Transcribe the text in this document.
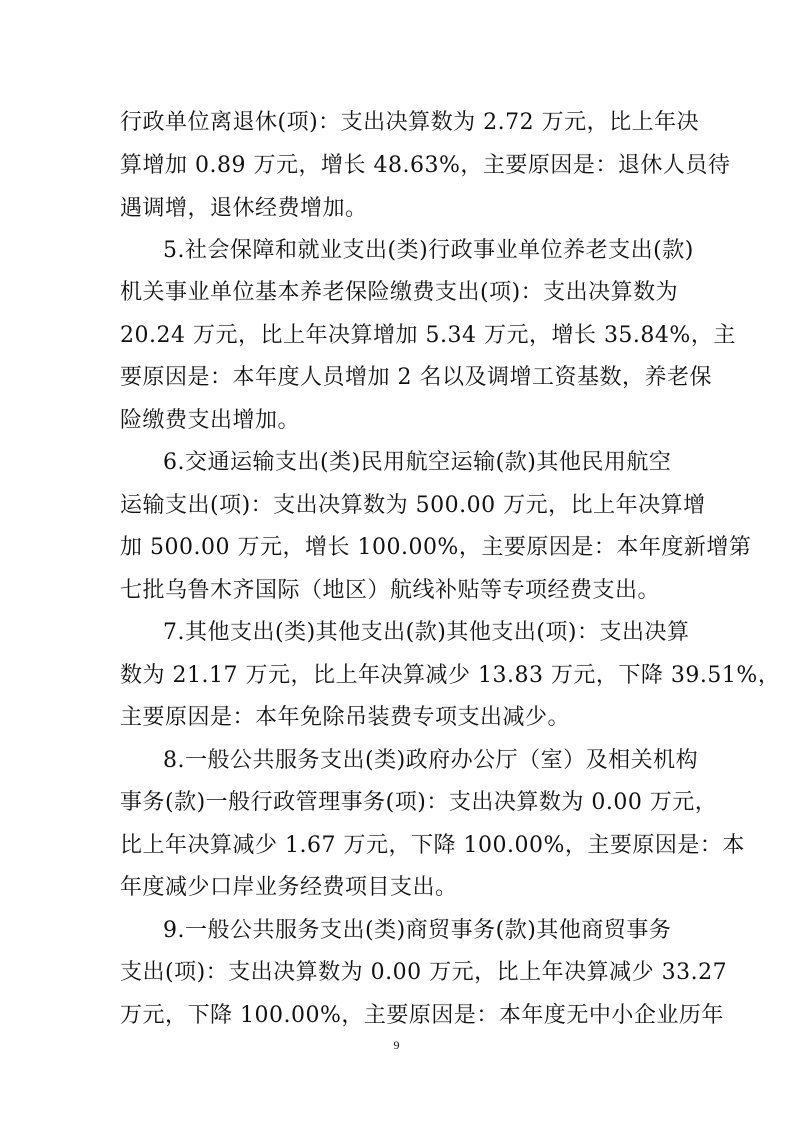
行政单位离退休(项)：支出决算数为 2.72 万元，比上年决
算增加 0.89 万元，增长 48.63%，主要原因是：退休人员待
遇调增，退休经费增加。
5.社会保障和就业支出(类)行政事业单位养老支出(款)
机关事业单位基本养老保险缴费支出(项)：支出决算数为
20.24 万元，比上年决算增加 5.34 万元，增长 35.84%，主
要原因是：本年度人员增加 2 名以及调增工资基数，养老保
险缴费支出增加。
6.交通运输支出(类)民用航空运输(款)其他民用航空
运输支出(项)：支出决算数为 500.00 万元，比上年决算增
加 500.00 万元，增长 100.00%，主要原因是：本年度新增第
七批乌鲁木齐国际（地区）航线补贴等专项经费支出。
7.其他支出(类)其他支出(款)其他支出(项)：支出决算
数为 21.17 万元，比上年决算减少 13.83 万元，下降 39.51%，
主要原因是：本年免除吊装费专项支出减少。
8.一般公共服务支出(类)政府办公厅（室）及相关机构
事务(款)一般行政管理事务(项)：支出决算数为 0.00 万元，
比上年决算减少 1.67 万元，下降 100.00%，主要原因是：本
年度减少口岸业务经费项目支出。
9.一般公共服务支出(类)商贸事务(款)其他商贸事务
支出(项)：支出决算数为 0.00 万元，比上年决算减少 33.27
万元，下降 100.00%，主要原因是：本年度无中小企业历年
9
